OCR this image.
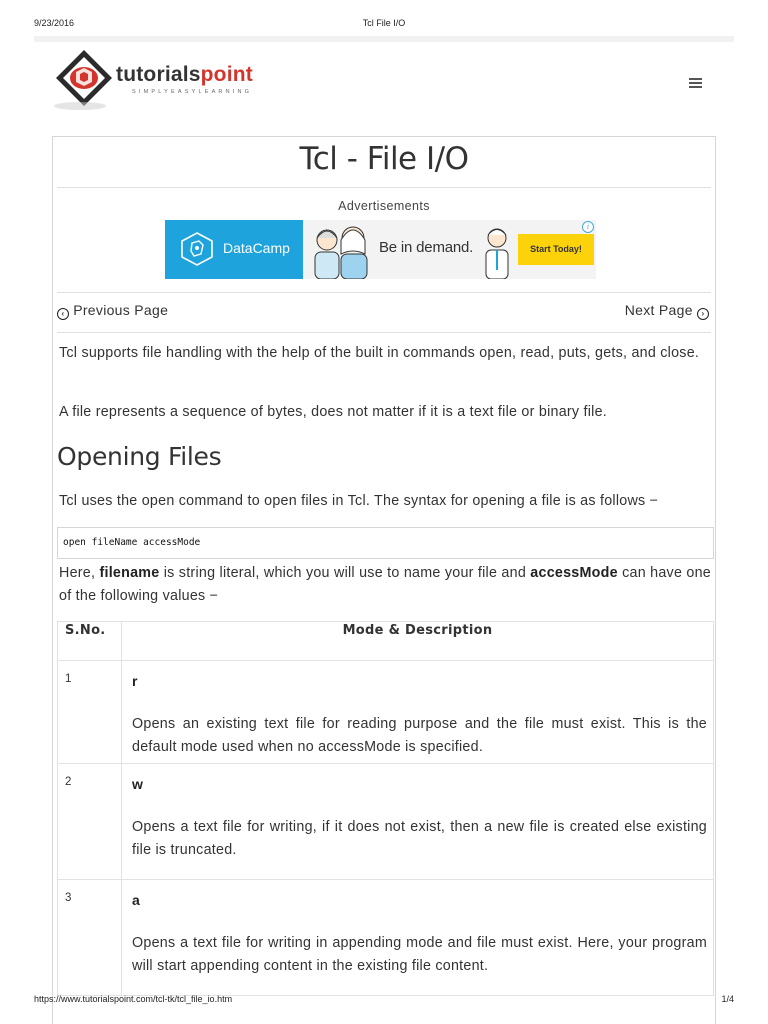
9/23/2016	Tcl File I/O
tutorialspoint
SIMPLYEASYLEARNING
Tcl - File I/O
Advertisements
DataCamp	Be in demand.	Start Today!
i
‹ Previous Page	Next Page ›

Tcl supports file handling with the help of the built in commands open, read, puts, gets, and close.

A file represents a sequence of bytes, does not matter if it is a text file or binary file.

Opening Files

Tcl uses the open command to open files in Tcl. The syntax for opening a file is as follows −

open fileName accessMode

Here, filename is string literal, which you will use to name your file and accessMode can have one of the following values −

S.No.	Mode & Description
1	r

Opens an existing text file for reading purpose and the file must exist. This is the default mode used when no accessMode is specified.

2	w

Opens a text file for writing, if it does not exist, then a new file is created else existing file is truncated.

3	a

Opens a text file for writing in appending mode and file must exist. Here, your program will start appending content in the existing file content.

https://www.tutorialspoint.com/tcl-tk/tcl_file_io.htm	1/4
